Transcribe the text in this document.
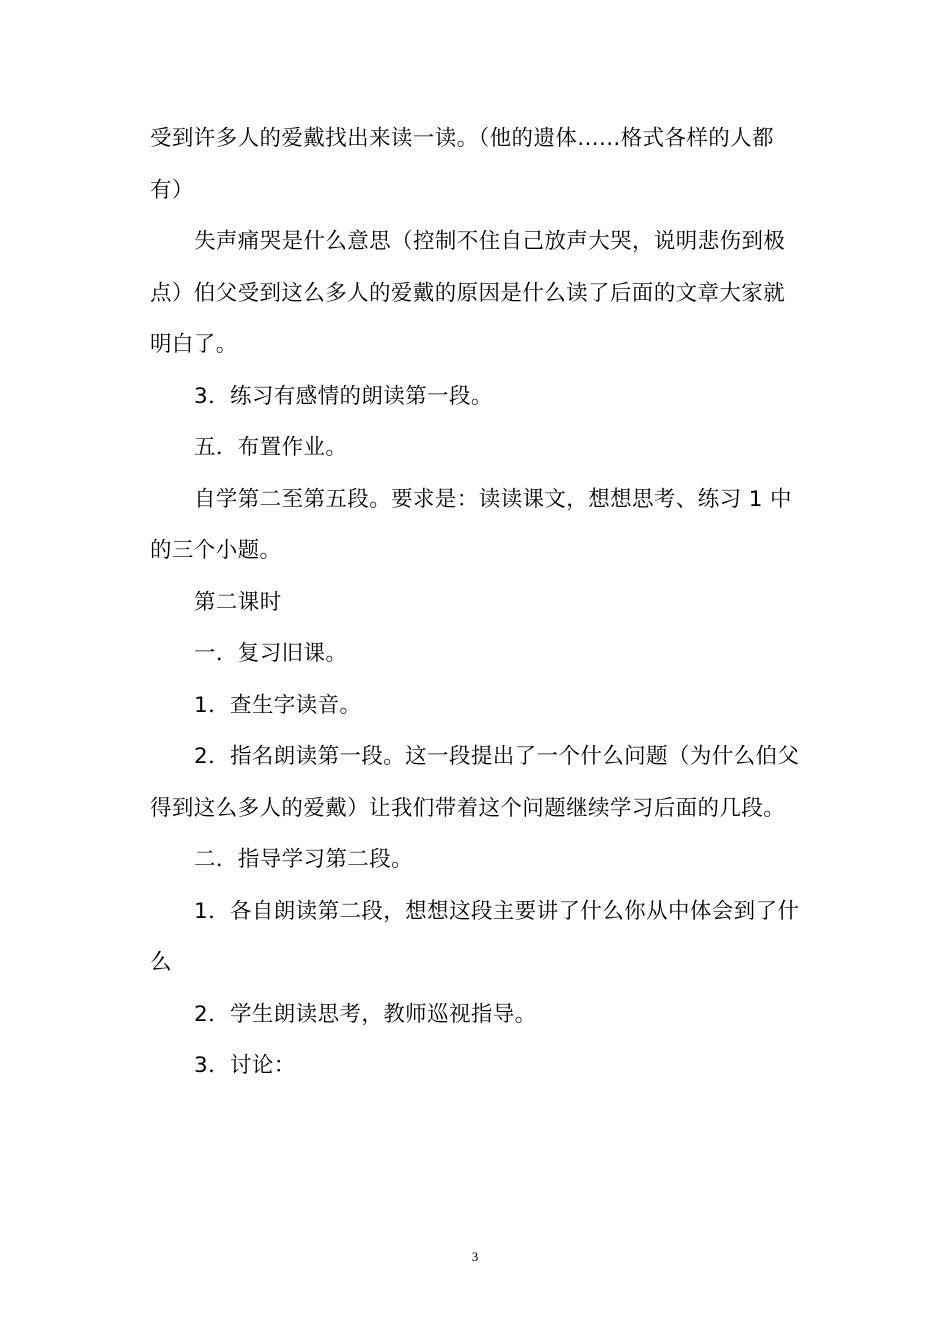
受到许多人的爱戴找出来读一读。（他的遗体......格式各样的人都有）

失声痛哭是什么意思（控制不住自己放声大哭，说明悲伤到极点）伯父受到这么多人的爱戴的原因是什么读了后面的文章大家就明白了。

3．练习有感情的朗读第一段。

五．布置作业。

自学第二至第五段。要求是：读读课文，想想思考、练习 1 中的三个小题。

第二课时

一．复习旧课。

1．查生字读音。

2．指名朗读第一段。这一段提出了一个什么问题（为什么伯父得到这么多人的爱戴）让我们带着这个问题继续学习后面的几段。

二．指导学习第二段。

1．各自朗读第二段，想想这段主要讲了什么你从中体会到了什么

2．学生朗读思考，教师巡视指导。

3．讨论：

3
